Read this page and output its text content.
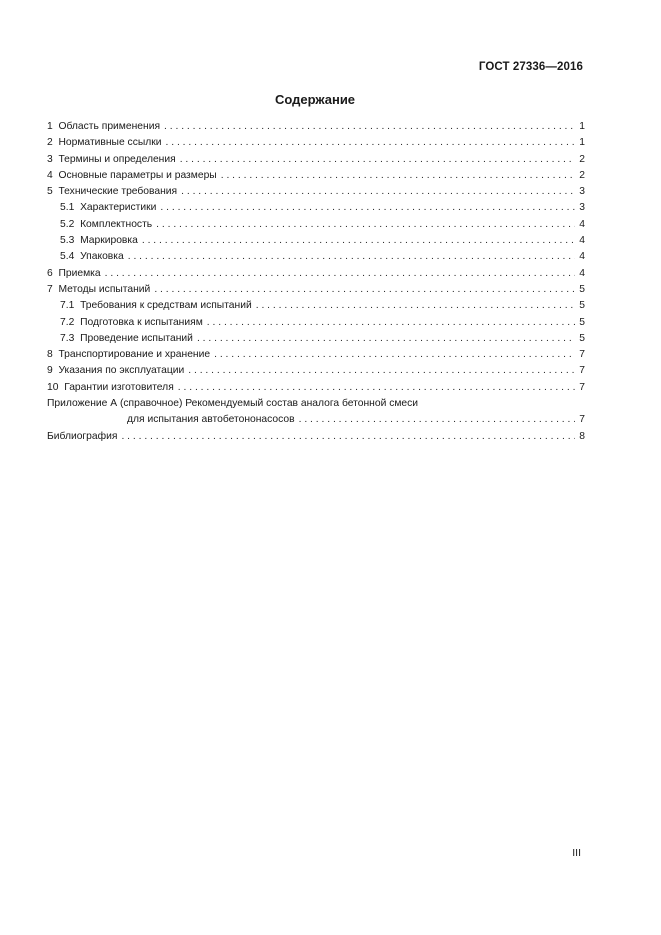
ГОСТ 27336—2016
Содержание
1 Область применения . . .	1
2 Нормативные ссылки . . .	1
3 Термины и определения . . .	2
4 Основные параметры и размеры . . .	2
5 Технические требования . . .	3
5.1 Характеристики . . .	3
5.2 Комплектность . . .	4
5.3 Маркировка . . .	4
5.4 Упаковка . . .	4
6 Приемка . . .	4
7 Методы испытаний . . .	5
7.1 Требования к средствам испытаний . . .	5
7.2 Подготовка к испытаниям . . .	5
7.3 Проведение испытаний . . .	5
8 Транспортирование и хранение . . .	7
9 Указания по эксплуатации . . .	7
10 Гарантии изготовителя . . .	7
Приложение А (справочное) Рекомендуемый состав аналога бетонной смеси
для испытания автобетононасосов . . .	7
Библиография . . .	8
III
